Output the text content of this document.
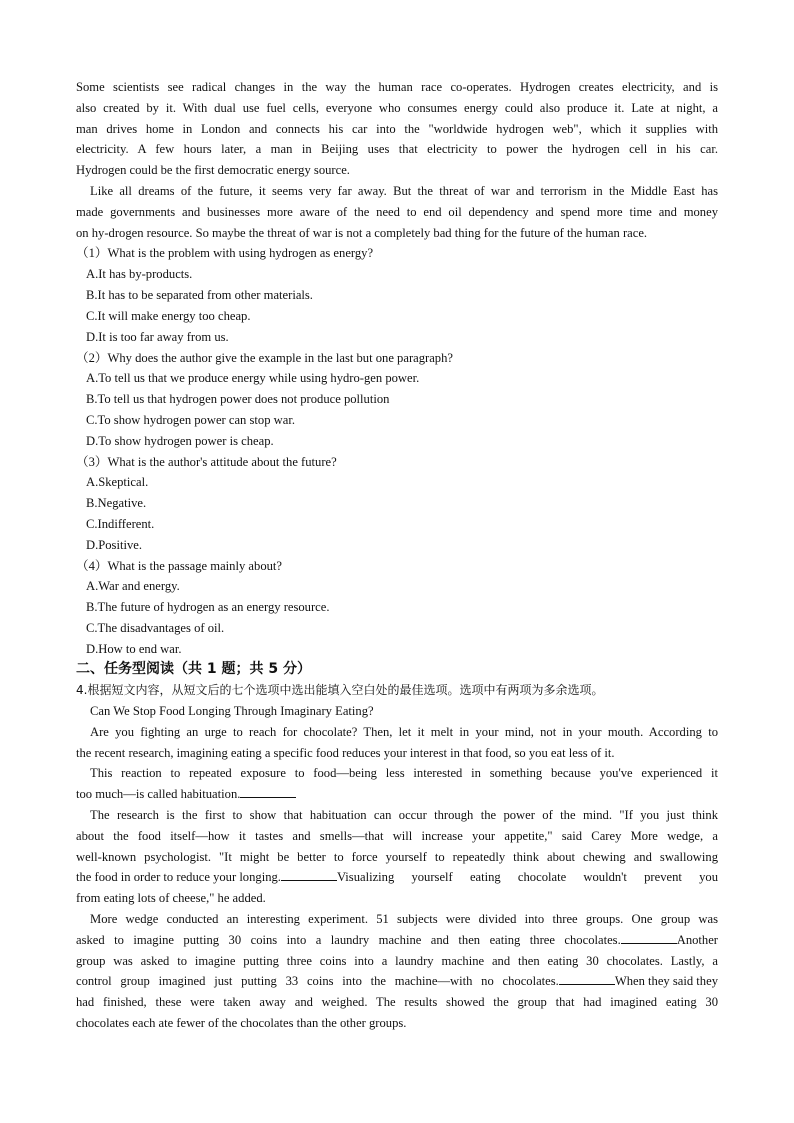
Some scientists see radical changes in the way the human race co-operates. Hydrogen creates electricity, and is
also created by it. With dual use fuel cells, everyone who consumes energy could also produce it. Late at night, a
man drives home in London and connects his car into the "worldwide hydrogen web", which it supplies with
electricity. A few hours later, a man in Beijing uses that electricity to power the hydrogen cell in his car.
Hydrogen could be the first democratic energy source.
Like all dreams of the future, it seems very far away. But the threat of war and terrorism in the Middle East has
made governments and businesses more aware of the need to end oil dependency and spend more time and money
on hy-drogen resource. So maybe the threat of war is not a completely bad thing for the future of the human race.
（1）What is the problem with using hydrogen as energy?
A.It has by-products.
B.It has to be separated from other materials.
C.It will make energy too cheap.
D.It is too far away from us.
（2）Why does the author give the example in the last but one paragraph?
A.To tell us that we produce energy while using hydro-gen power.
B.To tell us that hydrogen power does not produce pollution
C.To show hydrogen power can stop war.
D.To show hydrogen power is cheap.
（3）What is the author's attitude about the future?
A.Skeptical.
B.Negative.
C.Indifferent.
D.Positive.
（4）What is the passage mainly about?
A.War and energy.
B.The future of hydrogen as an energy resource.
C.The disadvantages of oil.
D.How to end war.
二、任务型阅读（共 1 题；共 5 分）
4.根据短文内容，从短文后的七个选项中选出能填入空白处的最佳选项。选项中有两项为多余选项。
Can We Stop Food Longing Through Imaginary Eating?
Are you fighting an urge to reach for chocolate? Then, let it melt in your mind, not in your mouth. According to
the recent research, imagining eating a specific food reduces your interest in that food, so you eat less of it.
This reaction to repeated exposure to food—being less interested in something because you've experienced it
too much—is called habituation.
The research is the first to show that habituation can occur through the power of the mind. "If you just think
about the food itself—how it tastes and smells—that will increase your appetite," said Carey More wedge, a
well-known psychologist. "It might be better to force yourself to repeatedly think about chewing and swallowing
the food in order to reduce your longing.	Visualizing yourself eating chocolate wouldn't prevent you
from eating lots of cheese," he added.
More wedge conducted an interesting experiment. 51 subjects were divided into three groups. One group was
asked to imagine putting 30 coins into a laundry machine and then eating three chocolates.	Another
group was asked to imagine putting three coins into a laundry machine and then eating 30 chocolates. Lastly, a
control group imagined just putting 33 coins into the machine—with no chocolates.	When they said they
had finished, these were taken away and weighed. The results showed the group that had imagined eating 30
chocolates each ate fewer of the chocolates than the other groups.
